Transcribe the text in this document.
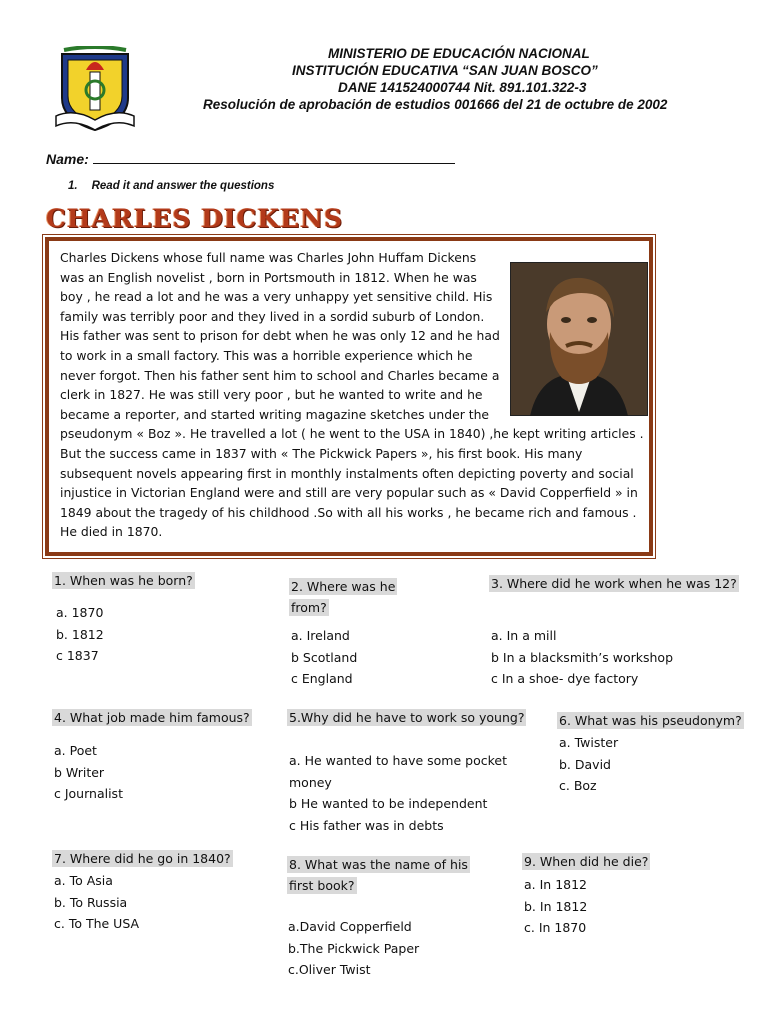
MINISTERIO DE EDUCACIÓN NACIONAL
INSTITUCIÓN EDUCATIVA “SAN JUAN BOSCO”
DANE 141524000744 Nit. 891.101.322-3
Resolución de aprobación de estudios 001666 del 21 de octubre de 2002
Name:
1. Read it and answer the questions
CHARLES DICKENS
Charles Dickens whose full name was Charles John Huffam Dickens was an English novelist , born in Portsmouth in 1812. When he was boy , he read a lot and he was a very unhappy yet sensitive child. His family was terribly poor and they lived in a sordid suburb of London. His father was sent to prison for debt when he was only 12 and he had to work in a small factory. This was a horrible experience which he never forgot. Then his father sent him to school and Charles became a clerk in 1827. He was still very poor , but he wanted to write and he became a reporter, and started writing magazine sketches under the pseudonym « Boz ». He travelled a lot ( he went to the USA in 1840) ,he kept writing articles . But the success came in 1837 with « The Pickwick Papers », his first book. His many subsequent novels appearing first in monthly instalments often depicting poverty and social injustice in Victorian England were and still are very popular such as « David Copperfield » in 1849 about the tragedy of his childhood .So with all his works , he became rich and famous . He died in 1870.
1. When was he born?
a. 1870
b. 1812
c 1837
2. Where was he
from?
a. Ireland
b Scotland
c England
3. Where did he work when he was 12?
a. In a mill
b In a blacksmith’s workshop
c In a shoe- dye factory
4. What job made him famous?
a. Poet
b Writer
c Journalist
5.Why did he have to work so young?
a. He wanted to have some pocket
money
b He wanted to be independent
c His father was in debts
6. What was his pseudonym?
a. Twister
b. David
c. Boz
7. Where did he go in 1840?
a. To Asia
b. To Russia
c. To The USA
8. What was the name of his
first book?
a.David Copperfield
b.The Pickwick Paper
c.Oliver Twist
9. When did he die?
a. In 1812
b. In 1812
c. In 1870
